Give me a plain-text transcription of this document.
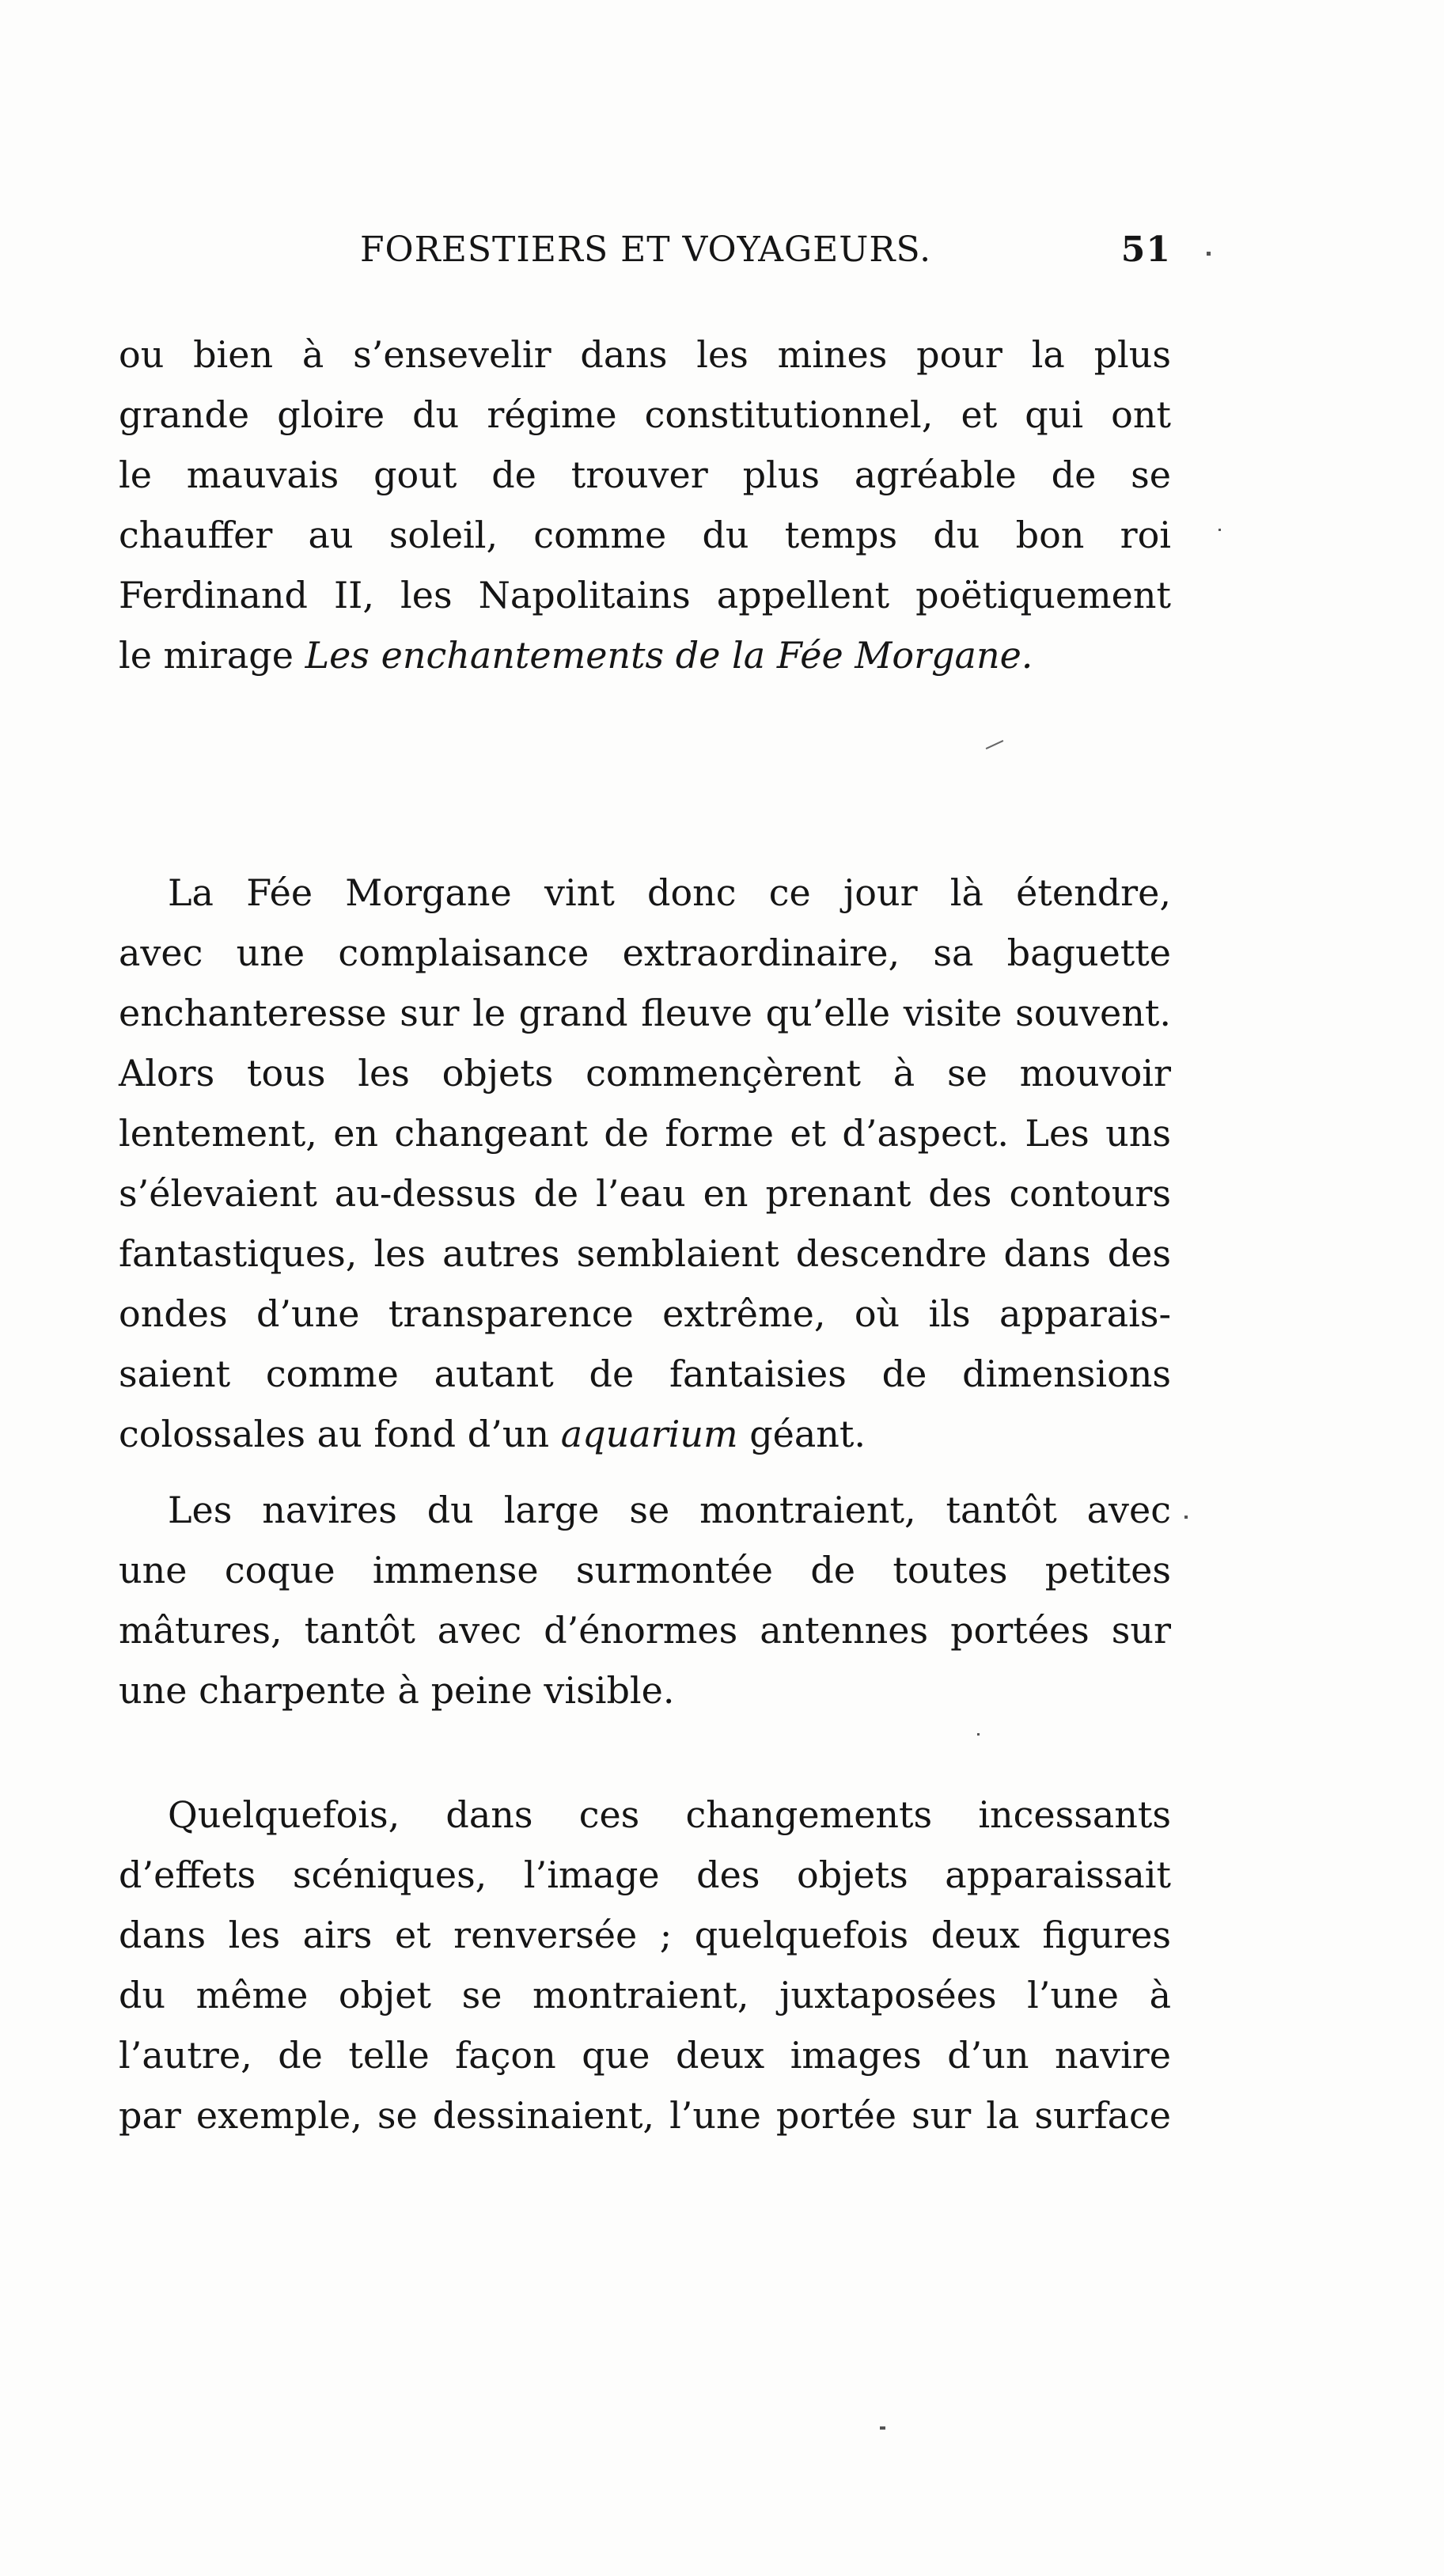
FORESTIERS ET VOYAGEURS.	51
ou bien à s’ensevelir dans les mines pour la plus
grande gloire du régime constitutionnel, et qui ont
le mauvais gout de trouver plus agréable de se
chauffer au soleil, comme du temps du bon roi
Ferdinand II, les Napolitains appellent poëtiquement
le mirage Les enchantements de la Fée Morgane.
La Fée Morgane vint donc ce jour là étendre,
avec une complaisance extraordinaire, sa baguette
enchanteresse sur le grand fleuve qu’elle visite souvent.
Alors tous les objets commençèrent à se mouvoir
lentement, en changeant de forme et d’aspect. Les uns
s’élevaient au-dessus de l’eau en prenant des contours
fantastiques, les autres semblaient descendre dans des
ondes d’une transparence extrême, où ils apparais-
saient comme autant de fantaisies de dimensions
colossales au fond d’un aquarium géant.
Les navires du large se montraient, tantôt avec
une coque immense surmontée de toutes petites
mâtures, tantôt avec d’énormes antennes portées sur
une charpente à peine visible.
Quelquefois, dans ces changements incessants
d’effets scéniques, l’image des objets apparaissait
dans les airs et renversée ; quelquefois deux figures
du même objet se montraient, juxtaposées l’une à
l’autre, de telle façon que deux images d’un navire
par exemple, se dessinaient, l’une portée sur la surface
